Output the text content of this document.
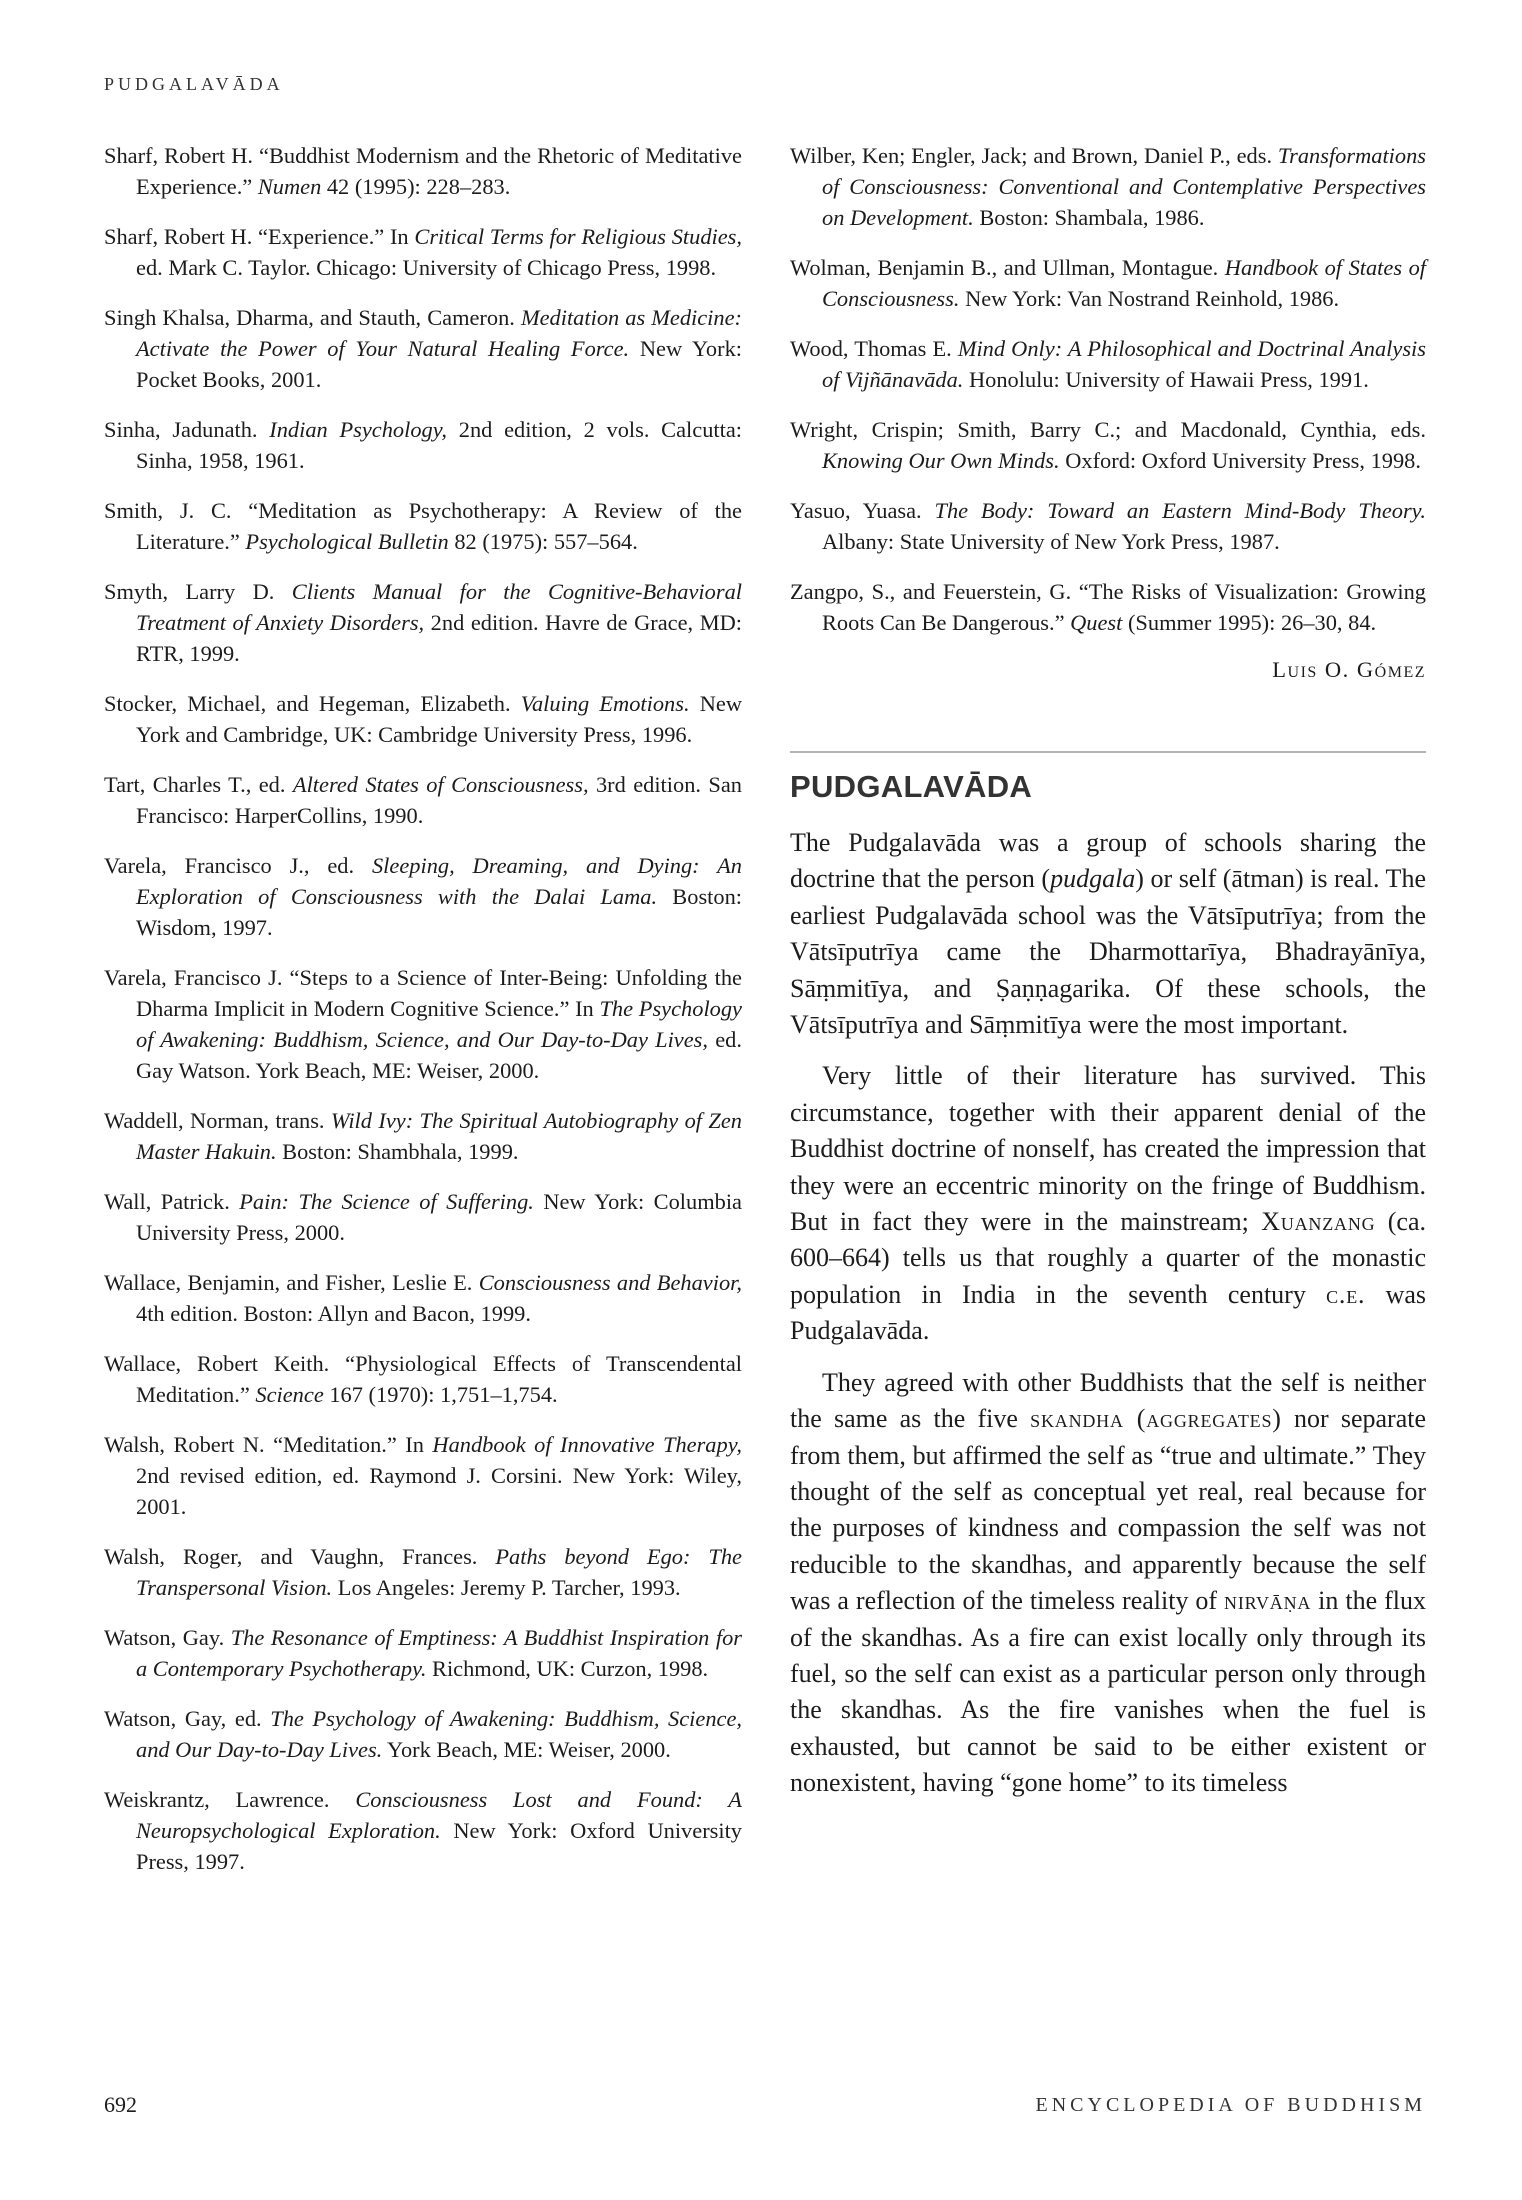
PUDGALAVĀDA

Sharf, Robert H. “Buddhist Modernism and the Rhetoric of Meditative Experience.” Numen 42 (1995): 228–283.

Sharf, Robert H. “Experience.” In Critical Terms for Religious Studies, ed. Mark C. Taylor. Chicago: University of Chicago Press, 1998.

Singh Khalsa, Dharma, and Stauth, Cameron. Meditation as Medicine: Activate the Power of Your Natural Healing Force. New York: Pocket Books, 2001.

Sinha, Jadunath. Indian Psychology, 2nd edition, 2 vols. Calcutta: Sinha, 1958, 1961.

Smith, J. C. “Meditation as Psychotherapy: A Review of the Literature.” Psychological Bulletin 82 (1975): 557–564.

Smyth, Larry D. Clients Manual for the Cognitive-Behavioral Treatment of Anxiety Disorders, 2nd edition. Havre de Grace, MD: RTR, 1999.

Stocker, Michael, and Hegeman, Elizabeth. Valuing Emotions. New York and Cambridge, UK: Cambridge University Press, 1996.

Tart, Charles T., ed. Altered States of Consciousness, 3rd edition. San Francisco: HarperCollins, 1990.

Varela, Francisco J., ed. Sleeping, Dreaming, and Dying: An Exploration of Consciousness with the Dalai Lama. Boston: Wisdom, 1997.

Varela, Francisco J. “Steps to a Science of Inter-Being: Unfolding the Dharma Implicit in Modern Cognitive Science.” In The Psychology of Awakening: Buddhism, Science, and Our Day-to-Day Lives, ed. Gay Watson. York Beach, ME: Weiser, 2000.

Waddell, Norman, trans. Wild Ivy: The Spiritual Autobiography of Zen Master Hakuin. Boston: Shambhala, 1999.

Wall, Patrick. Pain: The Science of Suffering. New York: Columbia University Press, 2000.

Wallace, Benjamin, and Fisher, Leslie E. Consciousness and Behavior, 4th edition. Boston: Allyn and Bacon, 1999.

Wallace, Robert Keith. “Physiological Effects of Transcendental Meditation.” Science 167 (1970): 1,751–1,754.

Walsh, Robert N. “Meditation.” In Handbook of Innovative Therapy, 2nd revised edition, ed. Raymond J. Corsini. New York: Wiley, 2001.

Walsh, Roger, and Vaughn, Frances. Paths beyond Ego: The Transpersonal Vision. Los Angeles: Jeremy P. Tarcher, 1993.

Watson, Gay. The Resonance of Emptiness: A Buddhist Inspiration for a Contemporary Psychotherapy. Richmond, UK: Curzon, 1998.

Watson, Gay, ed. The Psychology of Awakening: Buddhism, Science, and Our Day-to-Day Lives. York Beach, ME: Weiser, 2000.

Weiskrantz, Lawrence. Consciousness Lost and Found: A Neuropsychological Exploration. New York: Oxford University Press, 1997.

Wilber, Ken; Engler, Jack; and Brown, Daniel P., eds. Transformations of Consciousness: Conventional and Contemplative Perspectives on Development. Boston: Shambala, 1986.

Wolman, Benjamin B., and Ullman, Montague. Handbook of States of Consciousness. New York: Van Nostrand Reinhold, 1986.

Wood, Thomas E. Mind Only: A Philosophical and Doctrinal Analysis of Vijñānavāda. Honolulu: University of Hawaii Press, 1991.

Wright, Crispin; Smith, Barry C.; and Macdonald, Cynthia, eds. Knowing Our Own Minds. Oxford: Oxford University Press, 1998.

Yasuo, Yuasa. The Body: Toward an Eastern Mind-Body Theory. Albany: State University of New York Press, 1987.

Zangpo, S., and Feuerstein, G. “The Risks of Visualization: Growing Roots Can Be Dangerous.” Quest (Summer 1995): 26–30, 84.

Luis O. Gómez
PUDGALAVĀDA

The Pudgalavāda was a group of schools sharing the doctrine that the person (pudgala) or self (ātman) is real. The earliest Pudgalavāda school was the Vātsīputrīya; from the Vātsīputrīya came the Dharmottarīya, Bhadrayānīya, Sāṃmitīya, and Ṣaṇṇagarika. Of these schools, the Vātsīputrīya and Sāṃmitīya were the most important.

Very little of their literature has survived. This circumstance, together with their apparent denial of the Buddhist doctrine of nonself, has created the impression that they were an eccentric minority on the fringe of Buddhism. But in fact they were in the mainstream; Xuanzang (ca. 600–664) tells us that roughly a quarter of the monastic population in India in the seventh century c.e. was Pudgalavāda.

They agreed with other Buddhists that the self is neither the same as the five skandha (aggregates) nor separate from them, but affirmed the self as “true and ultimate.” They thought of the self as conceptual yet real, real because for the purposes of kindness and compassion the self was not reducible to the skandhas, and apparently because the self was a reflection of the timeless reality of nirvāṇa in the flux of the skandhas. As a fire can exist locally only through its fuel, so the self can exist as a particular person only through the skandhas. As the fire vanishes when the fuel is exhausted, but cannot be said to be either existent or nonexistent, having “gone home” to its timeless

692	ENCYCLOPEDIA OF BUDDHISM
